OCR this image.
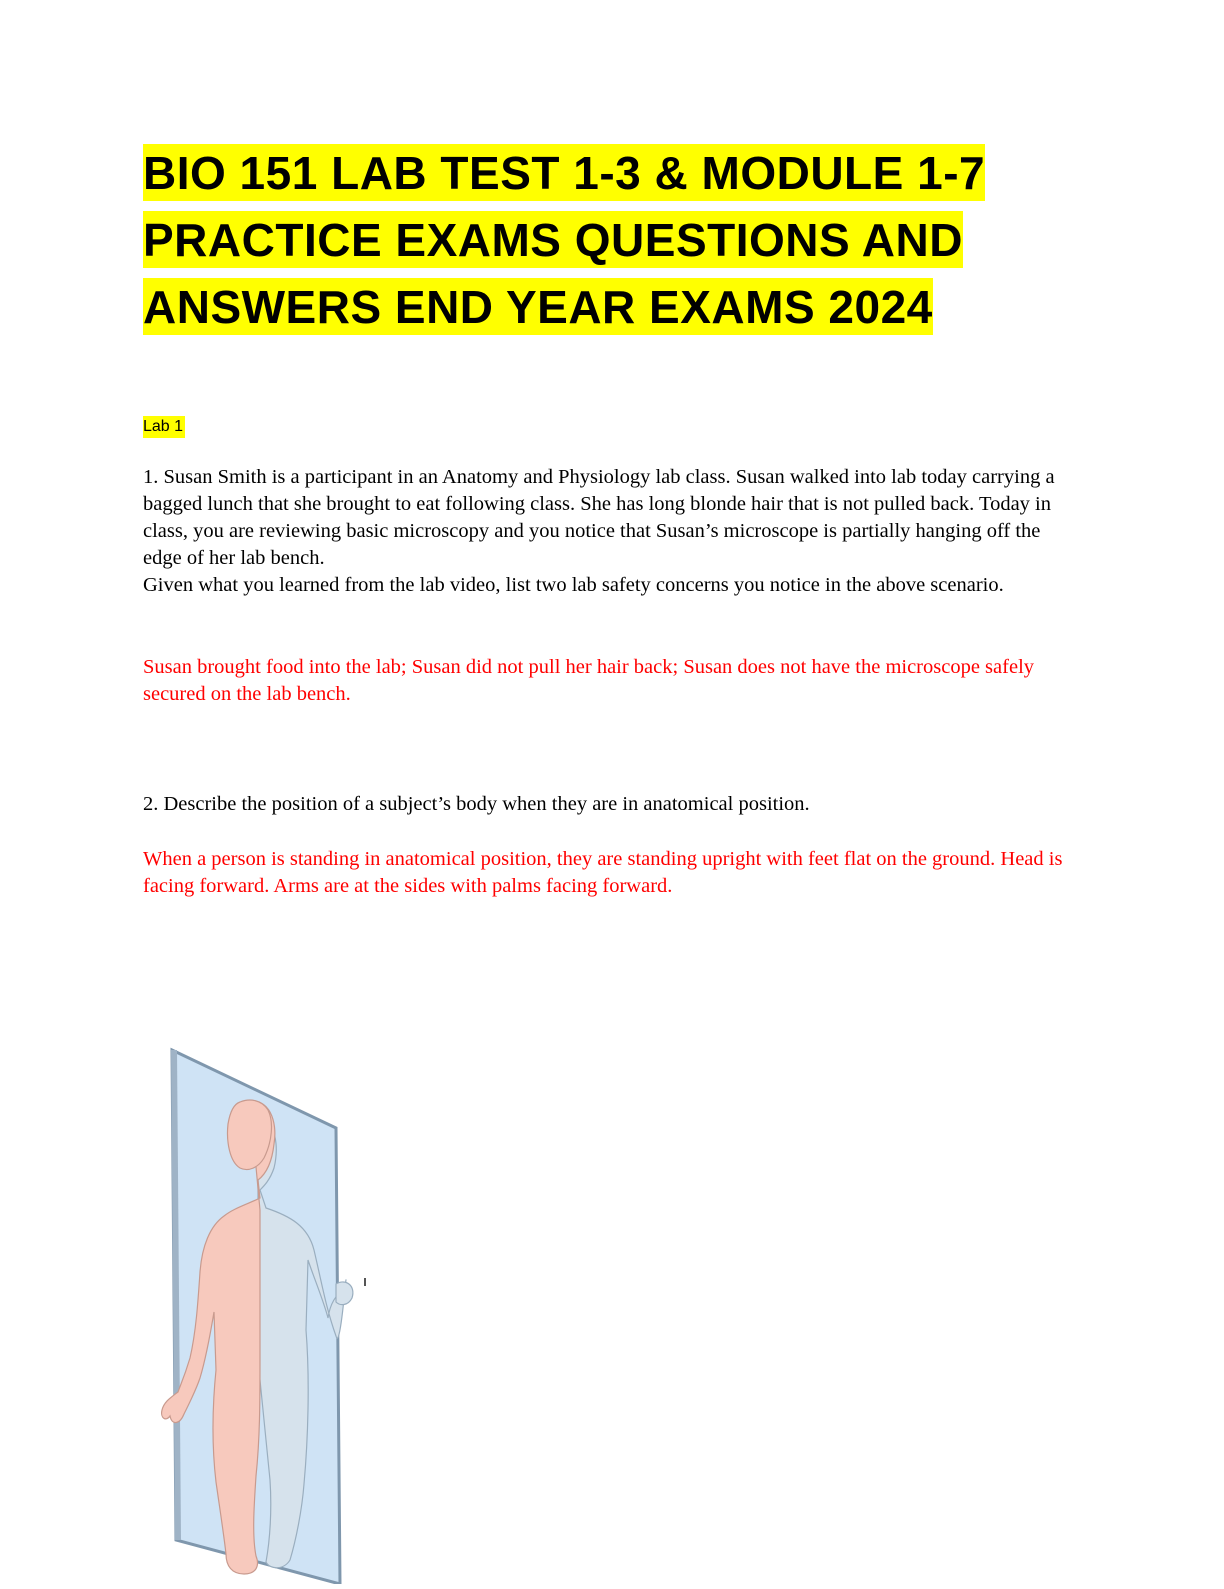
BIO 151 LAB TEST 1-3 & MODULE 1-7 PRACTICE EXAMS QUESTIONS AND ANSWERS END YEAR EXAMS 2024
Lab 1
1. Susan Smith is a participant in an Anatomy and Physiology lab class. Susan walked into lab today carrying a bagged lunch that she brought to eat following class. She has long blonde hair that is not pulled back. Today in class, you are reviewing basic microscopy and you notice that Susan’s microscope is partially hanging off the edge of her lab bench.
Given what you learned from the lab video, list two lab safety concerns you notice in the above scenario.
Susan brought food into the lab; Susan did not pull her hair back; Susan does not have the microscope safely secured on the lab bench.
2. Describe the position of a subject’s body when they are in anatomical position.
When a person is standing in anatomical position, they are standing upright with feet flat on the ground. Head is facing forward. Arms are at the sides with palms facing forward.
